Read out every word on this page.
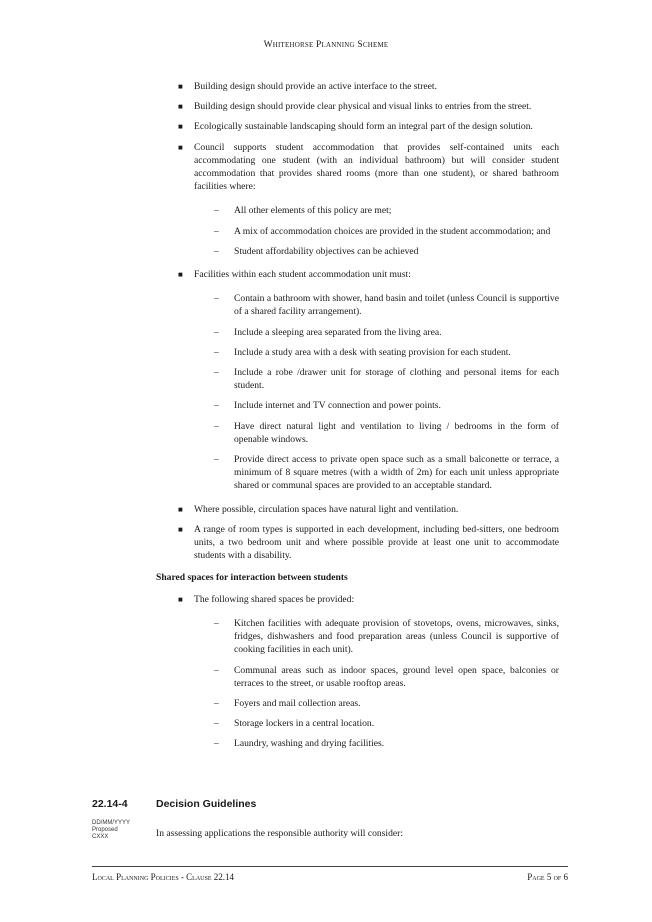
Whitehorse Planning Scheme
■ Building design should provide an active interface to the street.
■ Building design should provide clear physical and visual links to entries from the street.
■ Ecologically sustainable landscaping should form an integral part of the design solution.
■ Council supports student accommodation that provides self-contained units each accommodating one student (with an individual bathroom) but will consider student accommodation that provides shared rooms (more than one student), or shared bathroom facilities where:
– All other elements of this policy are met;
– A mix of accommodation choices are provided in the student accommodation; and
– Student affordability objectives can be achieved
■ Facilities within each student accommodation unit must:
– Contain a bathroom with shower, hand basin and toilet (unless Council is supportive of a shared facility arrangement).
– Include a sleeping area separated from the living area.
– Include a study area with a desk with seating provision for each student.
– Include a robe /drawer unit for storage of clothing and personal items for each student.
– Include internet and TV connection and power points.
– Have direct natural light and ventilation to living / bedrooms in the form of openable windows.
– Provide direct access to private open space such as a small balconette or terrace, a minimum of 8 square metres (with a width of 2m) for each unit unless appropriate shared or communal spaces are provided to an acceptable standard.
■ Where possible, circulation spaces have natural light and ventilation.
■ A range of room types is supported in each development, including bed-sitters, one bedroom units, a two bedroom unit and where possible provide at least one unit to accommodate students with a disability.
Shared spaces for interaction between students
■ The following shared spaces be provided:
– Kitchen facilities with adequate provision of stovetops, ovens, microwaves, sinks, fridges, dishwashers and food preparation areas (unless Council is supportive of cooking facilities in each unit).
– Communal areas such as indoor spaces, ground level open space, balconies or terraces to the street, or usable rooftop areas.
– Foyers and mail collection areas.
– Storage lockers in a central location.
– Laundry, washing and drying facilities.
22.14-4	Decision Guidelines
DD/MM/YYYY
Proposed
CXXX	In assessing applications the responsible authority will consider:
Local Planning Policies - Clause 22.14	Page 5 of 6
